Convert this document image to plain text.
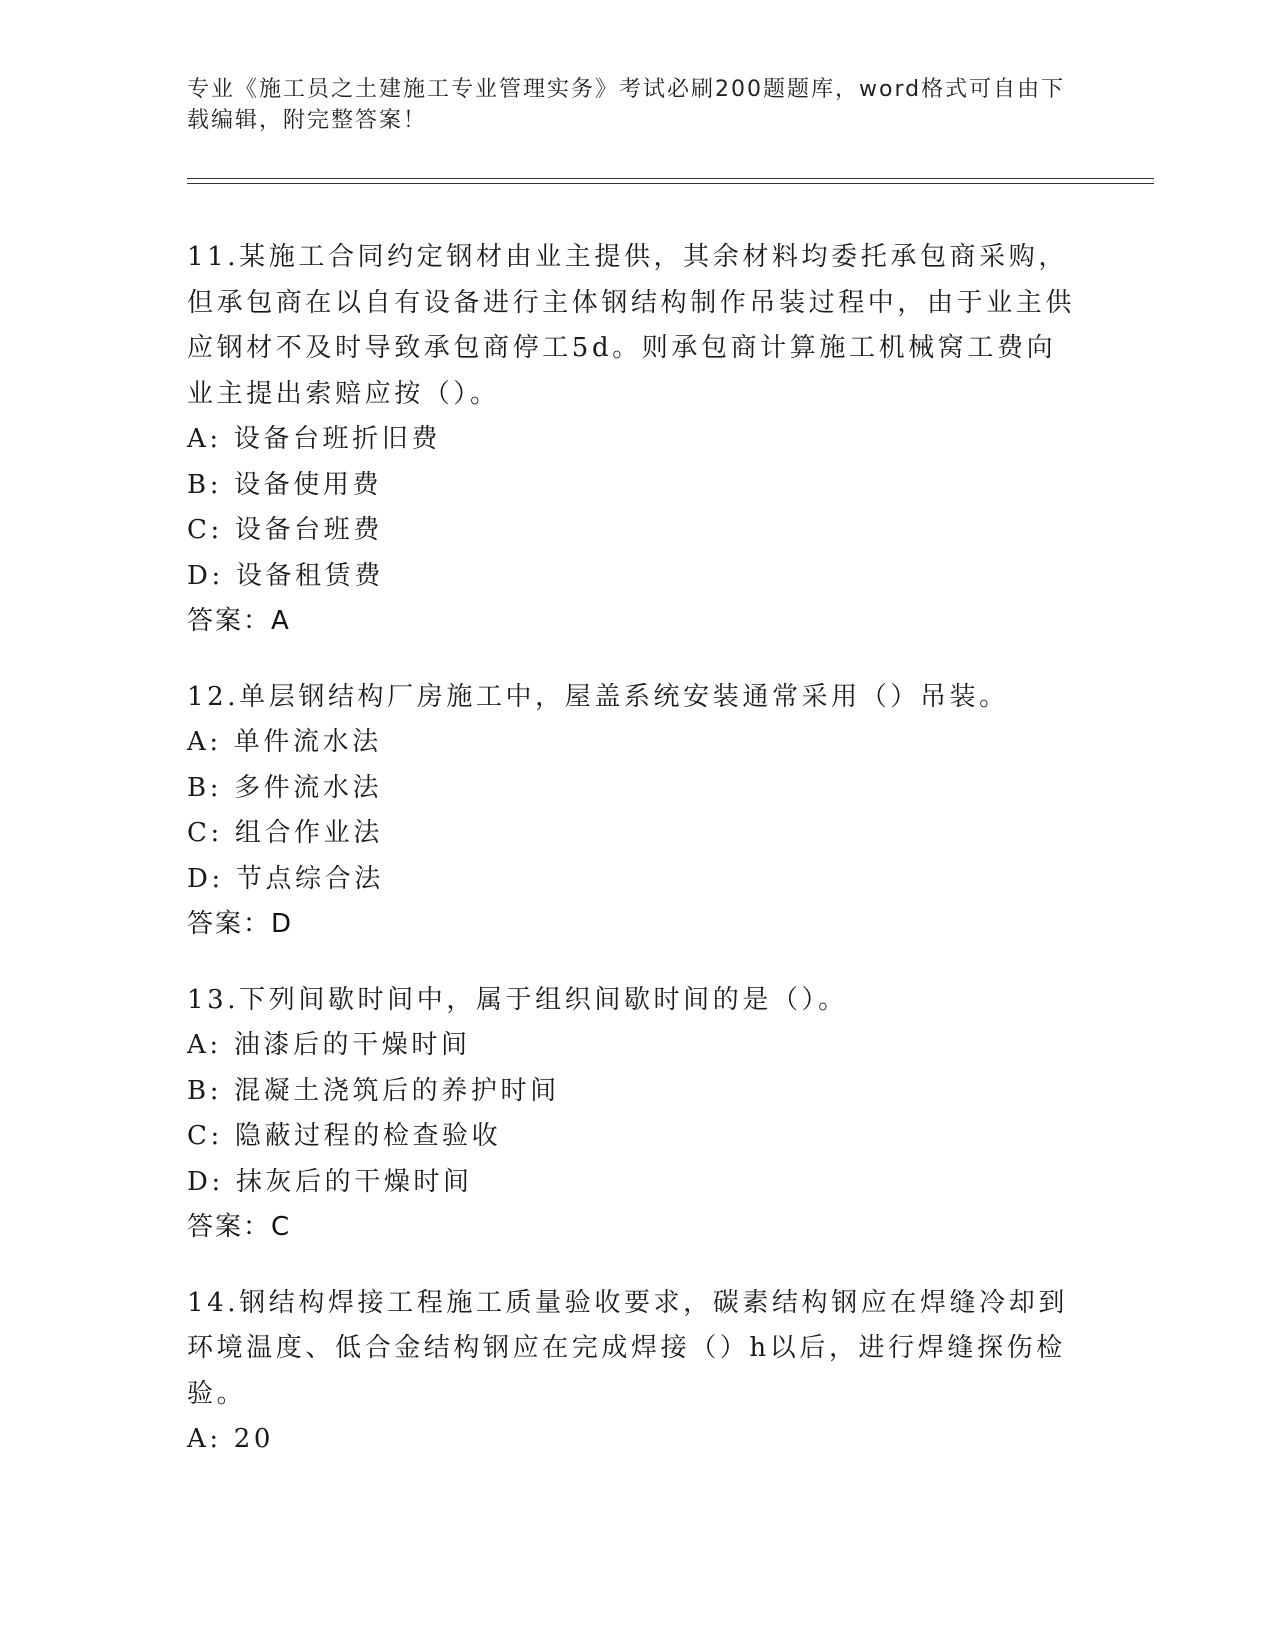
专业《施工员之土建施工专业管理实务》考试必刷200题题库，word格式可自由下载编辑，附完整答案！

11.某施工合同约定钢材由业主提供，其余材料均委托承包商采购，但承包商在以自有设备进行主体钢结构制作吊装过程中，由于业主供应钢材不及时导致承包商停工5d。则承包商计算施工机械窝工费向业主提出索赔应按（）。

A: 设备台班折旧费

B: 设备使用费

C: 设备台班费

D: 设备租赁费

答案：A

12.单层钢结构厂房施工中，屋盖系统安装通常采用（）吊装。

A: 单件流水法

B: 多件流水法

C: 组合作业法

D: 节点综合法

答案：D

13.下列间歇时间中，属于组织间歇时间的是（）。

A: 油漆后的干燥时间

B: 混凝土浇筑后的养护时间

C: 隐蔽过程的检查验收

D: 抹灰后的干燥时间

答案：C

14.钢结构焊接工程施工质量验收要求，碳素结构钢应在焊缝冷却到环境温度、低合金结构钢应在完成焊接（）h以后，进行焊缝探伤检验。

A: 20
